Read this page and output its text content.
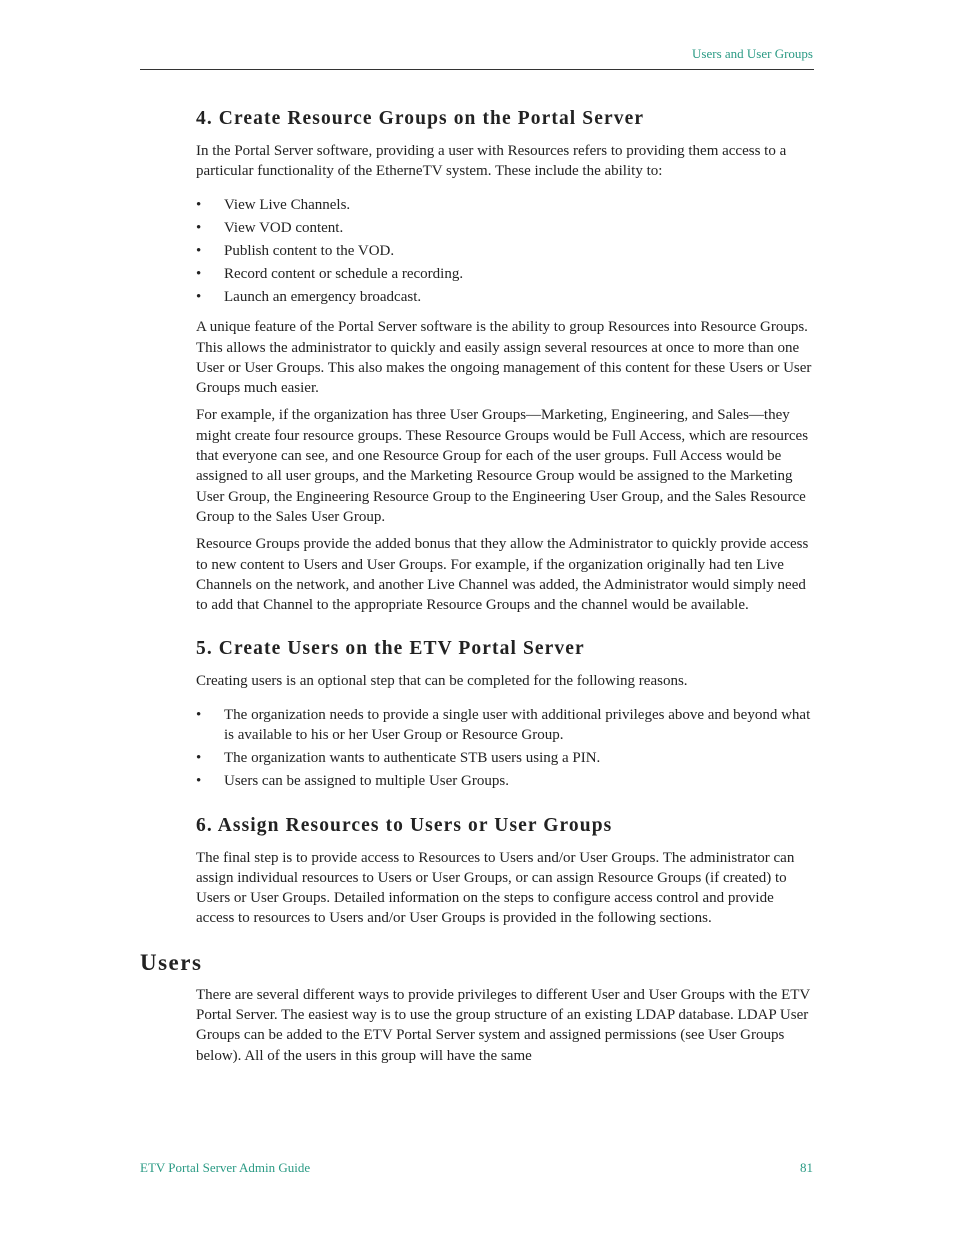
Users and User Groups
4. Create Resource Groups on the Portal Server

In the Portal Server software, providing a user with Resources refers to providing them access to a particular functionality of the EtherneTV system. These include the ability to:

• View Live Channels.
• View VOD content.
• Publish content to the VOD.
• Record content or schedule a recording.
• Launch an emergency broadcast.

A unique feature of the Portal Server software is the ability to group Resources into Resource Groups. This allows the administrator to quickly and easily assign several resources at once to more than one User or User Groups. This also makes the ongoing management of this content for these Users or User Groups much easier.

For example, if the organization has three User Groups—Marketing, Engineering, and Sales—they might create four resource groups. These Resource Groups would be Full Access, which are resources that everyone can see, and one Resource Group for each of the user groups. Full Access would be assigned to all user groups, and the Marketing Resource Group would be assigned to the Marketing User Group, the Engineering Resource Group to the Engineering User Group, and the Sales Resource Group to the Sales User Group.

Resource Groups provide the added bonus that they allow the Administrator to quickly provide access to new content to Users and User Groups. For example, if the organization originally had ten Live Channels on the network, and another Live Channel was added, the Administrator would simply need to add that Channel to the appropriate Resource Groups and the channel would be available.

5. Create Users on the ETV Portal Server

Creating users is an optional step that can be completed for the following reasons.

• The organization needs to provide a single user with additional privileges above and beyond what is available to his or her User Group or Resource Group.
• The organization wants to authenticate STB users using a PIN.
• Users can be assigned to multiple User Groups.
6. Assign Resources to Users or User Groups

The final step is to provide access to Resources to Users and/or User Groups. The administrator can assign individual resources to Users or User Groups, or can assign Resource Groups (if created) to Users or User Groups. Detailed information on the steps to configure access control and provide access to resources to Users and/or User Groups is provided in the following sections.

Users

There are several different ways to provide privileges to different User and User Groups with the ETV Portal Server. The easiest way is to use the group structure of an existing LDAP database. LDAP User Groups can be added to the ETV Portal Server system and assigned permissions (see User Groups below). All of the users in this group will have the same

ETV Portal Server Admin Guide	81
